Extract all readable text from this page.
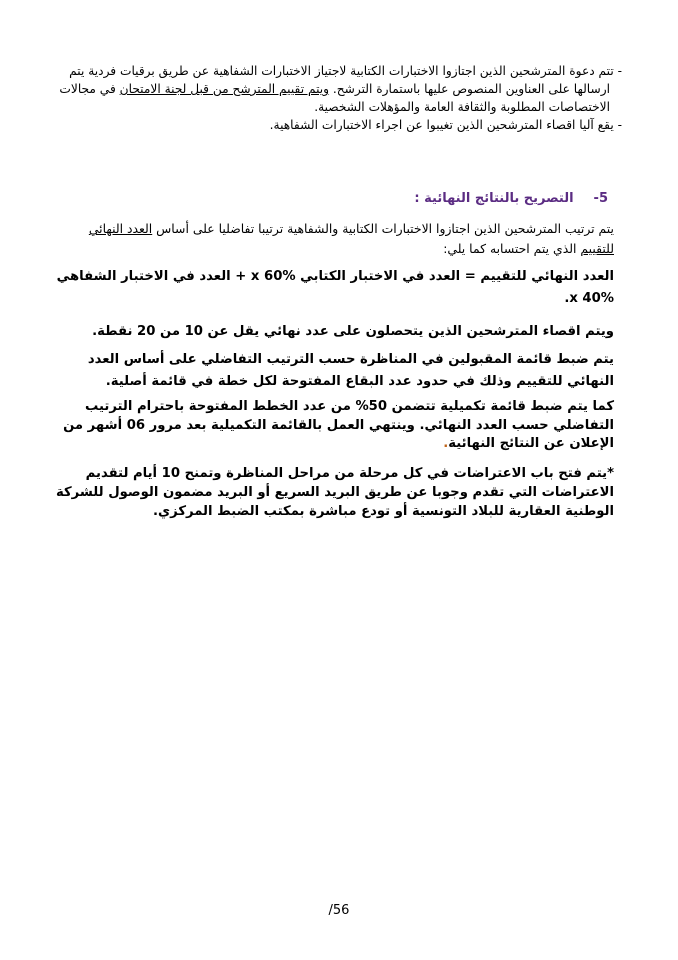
- تتم دعوة المترشحين الذين اجتازوا الاختبارات الكتابية لاجتياز الاختبارات الشفاهية عن طريق برقيات فردية يتم ارسالها على العناوين المنصوص عليها باستمارة الترشح. ويتم تقييم المترشح من قبل لجنة الامتحان في مجالات الاختصاصات المطلوبة والثقافة العامة والمؤهلات الشخصية.

- يقع آليا اقصاء المترشحين الذين تغيبوا عن اجراء الاختبارات الشفاهية.

5-التصريح بالنتائج النهائية :
يتم ترتيب المترشحين الذين اجتازوا الاختبارات الكتابية والشفاهية ترتيبا تفاضليا على أساس العدد النهائي للتقييم الذي يتم احتسابه كما يلي:

العدد النهائي للتقييم = العدد في الاختبار الكتابي x 60% + العدد في الاختبار الشفاهي x 40%.

ويتم اقصاء المترشحين الذين يتحصلون على عدد نهائي يقل عن 10 من 20 نقطة.

يتم ضبط قائمة المقبولين في المناظرة حسب الترتيب التفاضلي على أساس العدد النهائي للتقييم وذلك في حدود عدد البقاع المفتوحة لكل خطة في قائمة أصلية.

كما يتم ضبط قائمة تكميلية تتضمن 50% من عدد الخطط المفتوحة باحترام الترتيب التفاضلي حسب العدد النهائي. وينتهي العمل بالقائمة التكميلية بعد مرور 06 أشهر من الإعلان عن النتائج النهائية.

*يتم فتح باب الاعتراضات في كل مرحلة من مراحل المناظرة وتمنح 10 أيام لتقديم الاعتراضات التي تقدم وجوبا عن طريق البريد السريع أو البريد مضمون الوصول للشركة الوطنية العقارية للبلاد التونسية أو تودع مباشرة بمكتب الضبط المركزي.

/56
